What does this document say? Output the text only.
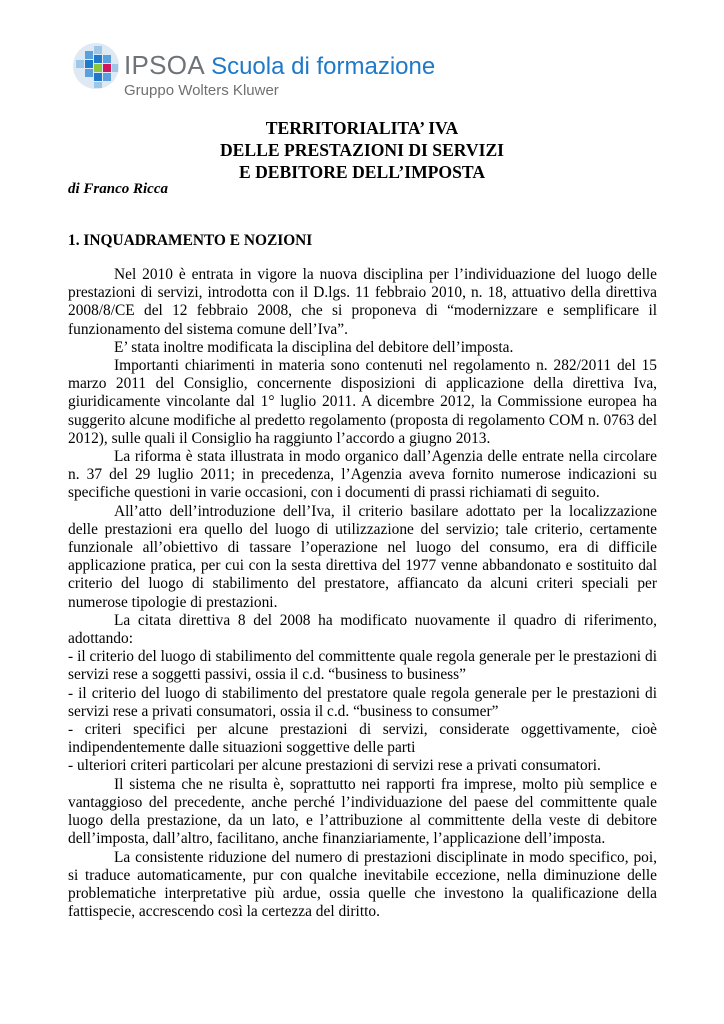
IPSOA Scuola di formazione
Gruppo Wolters Kluwer
TERRITORIALITA’ IVA
DELLE PRESTAZIONI DI SERVIZI
E DEBITORE DELL’IMPOSTA
di Franco Ricca
1. INQUADRAMENTO E NOZIONI

Nel 2010 è entrata in vigore la nuova disciplina per l’individuazione del luogo delle prestazioni di servizi, introdotta con il D.lgs. 11 febbraio 2010, n. 18, attuativo della direttiva 2008/8/CE del 12 febbraio 2008, che si proponeva di “modernizzare e semplificare il funzionamento del sistema comune dell’Iva”.

E’ stata inoltre modificata la disciplina del debitore dell’imposta.

Importanti chiarimenti in materia sono contenuti nel regolamento n. 282/2011 del 15 marzo 2011 del Consiglio, concernente disposizioni di applicazione della direttiva Iva, giuridicamente vincolante dal 1° luglio 2011. A dicembre 2012, la Commissione europea ha suggerito alcune modifiche al predetto regolamento (proposta di regolamento COM n. 0763 del 2012), sulle quali il Consiglio ha raggiunto l’accordo a giugno 2013.

La riforma è stata illustrata in modo organico dall’Agenzia delle entrate nella circolare n. 37 del 29 luglio 2011; in precedenza, l’Agenzia aveva fornito numerose indicazioni su specifiche questioni in varie occasioni, con i documenti di prassi richiamati di seguito.

All’atto dell’introduzione dell’Iva, il criterio basilare adottato per la localizzazione delle prestazioni era quello del luogo di utilizzazione del servizio; tale criterio, certamente funzionale all’obiettivo di tassare l’operazione nel luogo del consumo, era di difficile applicazione pratica, per cui con la sesta direttiva del 1977 venne abbandonato e sostituito dal criterio del luogo di stabilimento del prestatore, affiancato da alcuni criteri speciali per numerose tipologie di prestazioni.

La citata direttiva 8 del 2008 ha modificato nuovamente il quadro di riferimento, adottando:

- il criterio del luogo di stabilimento del committente quale regola generale per le prestazioni di servizi rese a soggetti passivi, ossia il c.d. “business to business”

- il criterio del luogo di stabilimento del prestatore quale regola generale per le prestazioni di servizi rese a privati consumatori, ossia il c.d. “business to consumer”

- criteri specifici per alcune prestazioni di servizi, considerate oggettivamente, cioè indipendentemente dalle situazioni soggettive delle parti

- ulteriori criteri particolari per alcune prestazioni di servizi rese a privati consumatori.

Il sistema che ne risulta è, soprattutto nei rapporti fra imprese, molto più semplice e vantaggioso del precedente, anche perché l’individuazione del paese del committente quale luogo della prestazione, da un lato, e l’attribuzione al committente della veste di debitore dell’imposta, dall’altro, facilitano, anche finanziariamente, l’applicazione dell’imposta.

La consistente riduzione del numero di prestazioni disciplinate in modo specifico, poi, si traduce automaticamente, pur con qualche inevitabile eccezione, nella diminuzione delle problematiche interpretative più ardue, ossia quelle che investono la qualificazione della fattispecie, accrescendo così la certezza del diritto.
